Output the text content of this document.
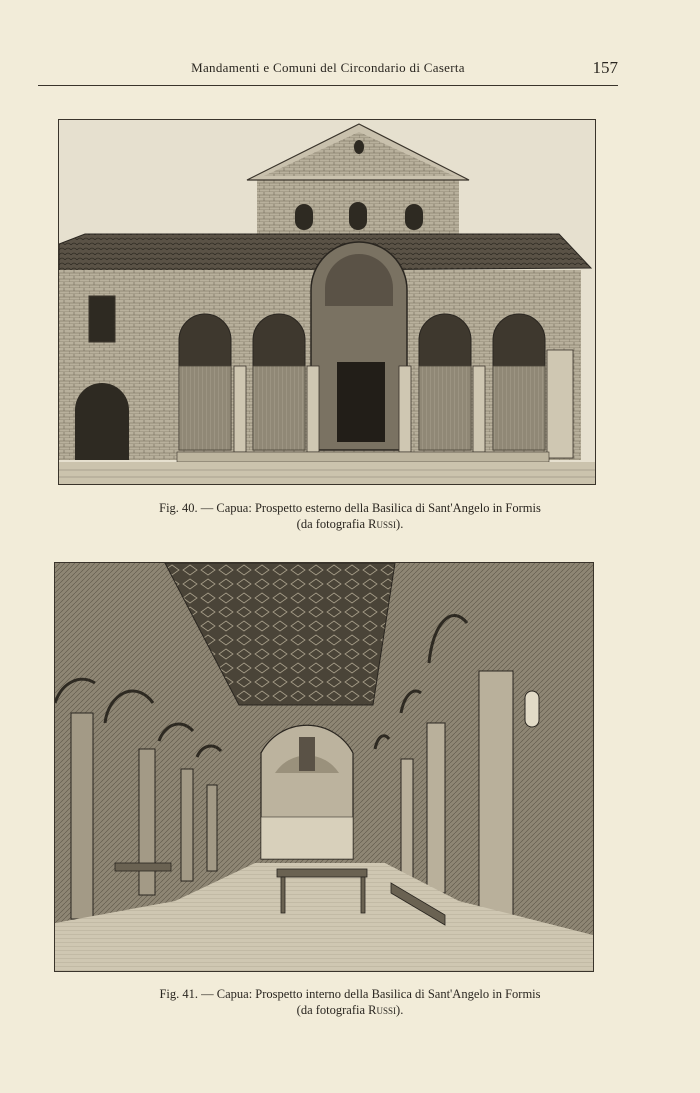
Mandamenti e Comuni del Circondario di Caserta	157
Fig. 40. — Capua: Prospetto esterno della Basilica di Sant'Angelo in Formis
(da fotografia Russi).
Fig. 41. — Capua: Prospetto interno della Basilica di Sant'Angelo in Formis
(da fotografia Russi).
